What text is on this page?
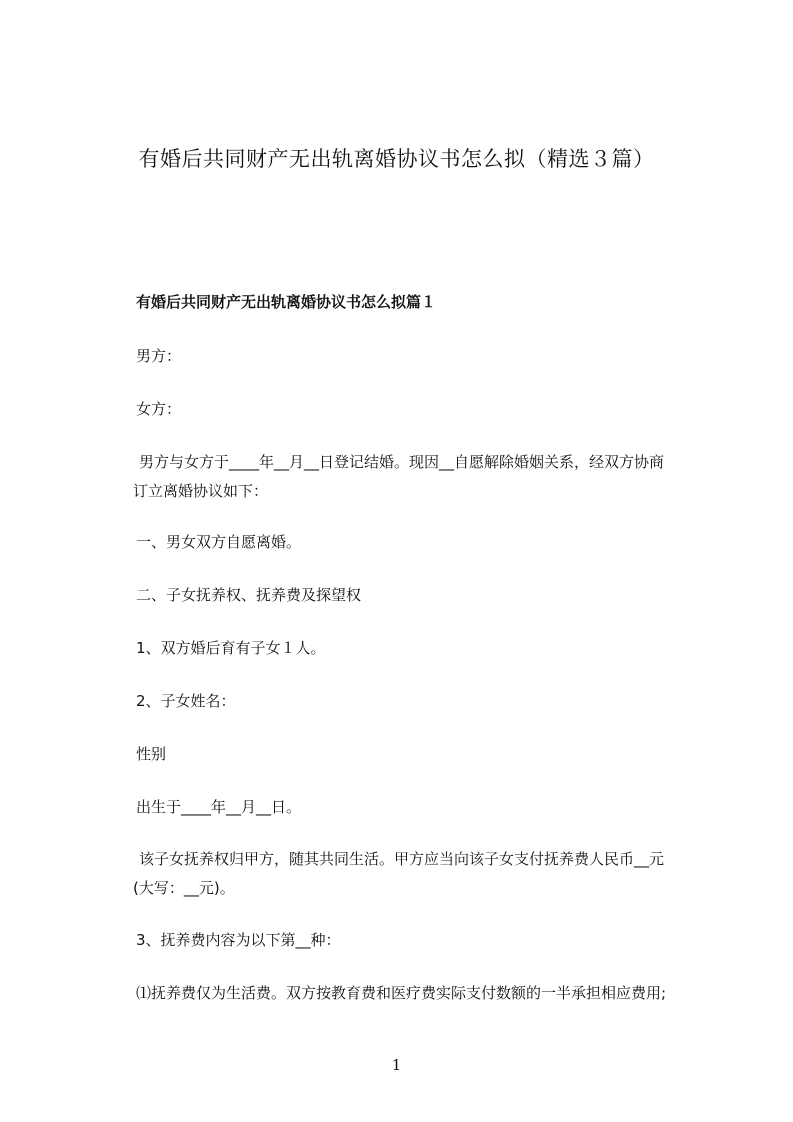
有婚后共同财产无出轨离婚协议书怎么拟（精选３篇）

有婚后共同财产无出轨离婚协议书怎么拟篇１

男方：

女方：

男方与女方于____年__月__日登记结婚。现因__自愿解除婚姻关系，经双方协商
订立离婚协议如下：

一、男女双方自愿离婚。

二、子女抚养权、抚养费及探望权

1、双方婚后育有子女１人。

2、子女姓名：

性别

出生于____年__月__日。

该子女抚养权归甲方，随其共同生活。甲方应当向该子女支付抚养费人民币__元
(大写：__元)。

3、抚养费内容为以下第__种：

⑴抚养费仅为生活费。双方按教育费和医疗费实际支付数额的一半承担相应费用;

1
